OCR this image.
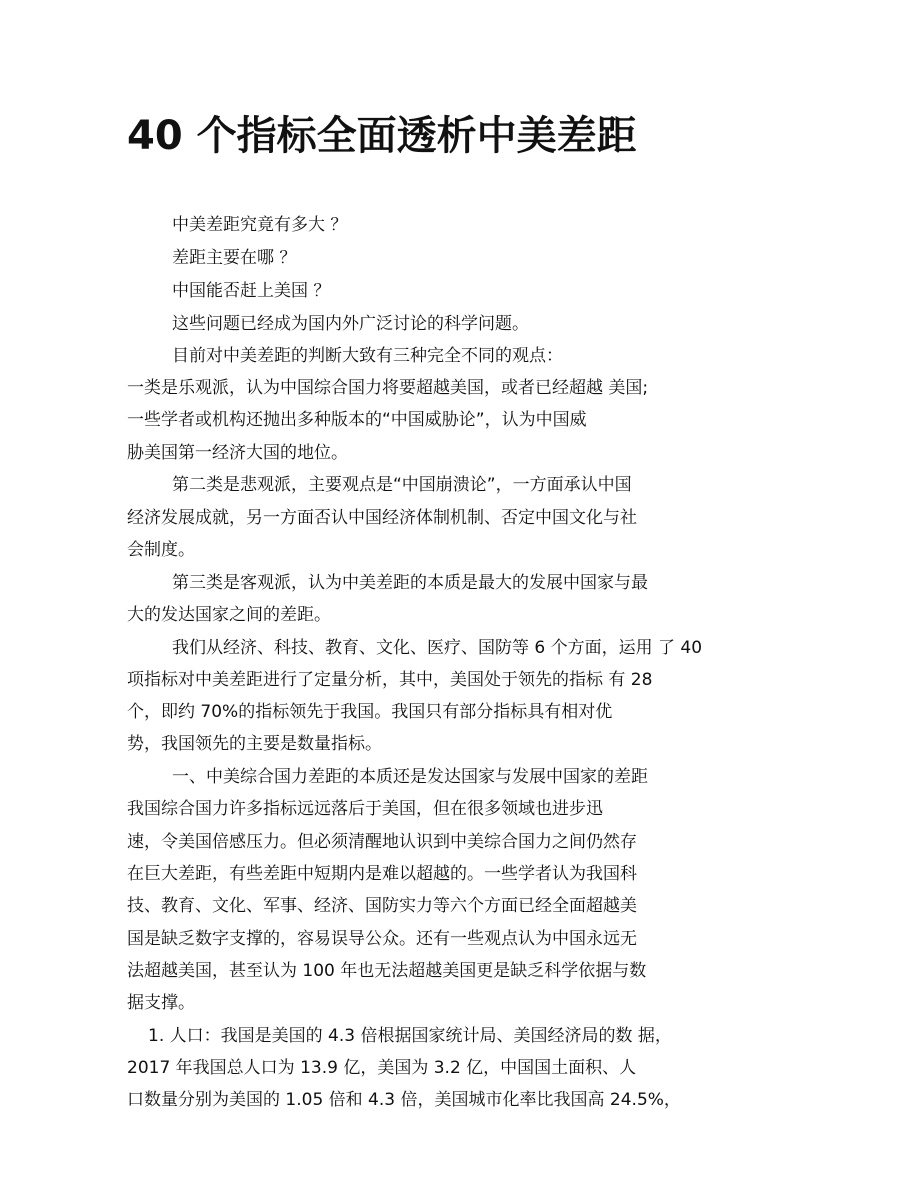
40 个指标全面透析中美差距
中美差距究竟有多大 ？
差距主要在哪 ？
中国能否赶上美国 ？
这些问题已经成为国内外广泛讨论的科学问题。
目前对中美差距的判断大致有三种完全不同的观点：
一类是乐观派，认为中国综合国力将要超越美国，或者已经超越 美国;
一些学者或机构还抛出多种版本的“中国威胁论”，认为中国威
胁美国第一经济大国的地位。
第二类是悲观派，主要观点是“中国崩溃论”，一方面承认中国
经济发展成就，另一方面否认中国经济体制机制、否定中国文化与社
会制度。
第三类是客观派，认为中美差距的本质是最大的发展中国家与最
大的发达国家之间的差距。
我们从经济、科技、教育、文化、医疗、国防等 6 个方面，运用 了 40
项指标对中美差距进行了定量分析，其中，美国处于领先的指标 有 28
个，即约 70%的指标领先于我国。我国只有部分指标具有相对优
势，我国领先的主要是数量指标。
一、中美综合国力差距的本质还是发达国家与发展中国家的差距
我国综合国力许多指标远远落后于美国，但在很多领域也进步迅
速，令美国倍感压力。但必须清醒地认识到中美综合国力之间仍然存
在巨大差距，有些差距中短期内是难以超越的。一些学者认为我国科
技、教育、文化、军事、经济、国防实力等六个方面已经全面超越美
国是缺乏数字支撑的，容易误导公众。还有一些观点认为中国永远无
法超越美国，甚至认为 100 年也无法超越美国更是缺乏科学依据与数
据支撑。
1. 人口：我国是美国的 4.3 倍根据国家统计局、美国经济局的数 据，
2017 年我国总人口为 13.9 亿，美国为 3.2 亿，中国国土面积、人
口数量分别为美国的 1.05 倍和 4.3 倍，美国城市化率比我国高 24.5%，
